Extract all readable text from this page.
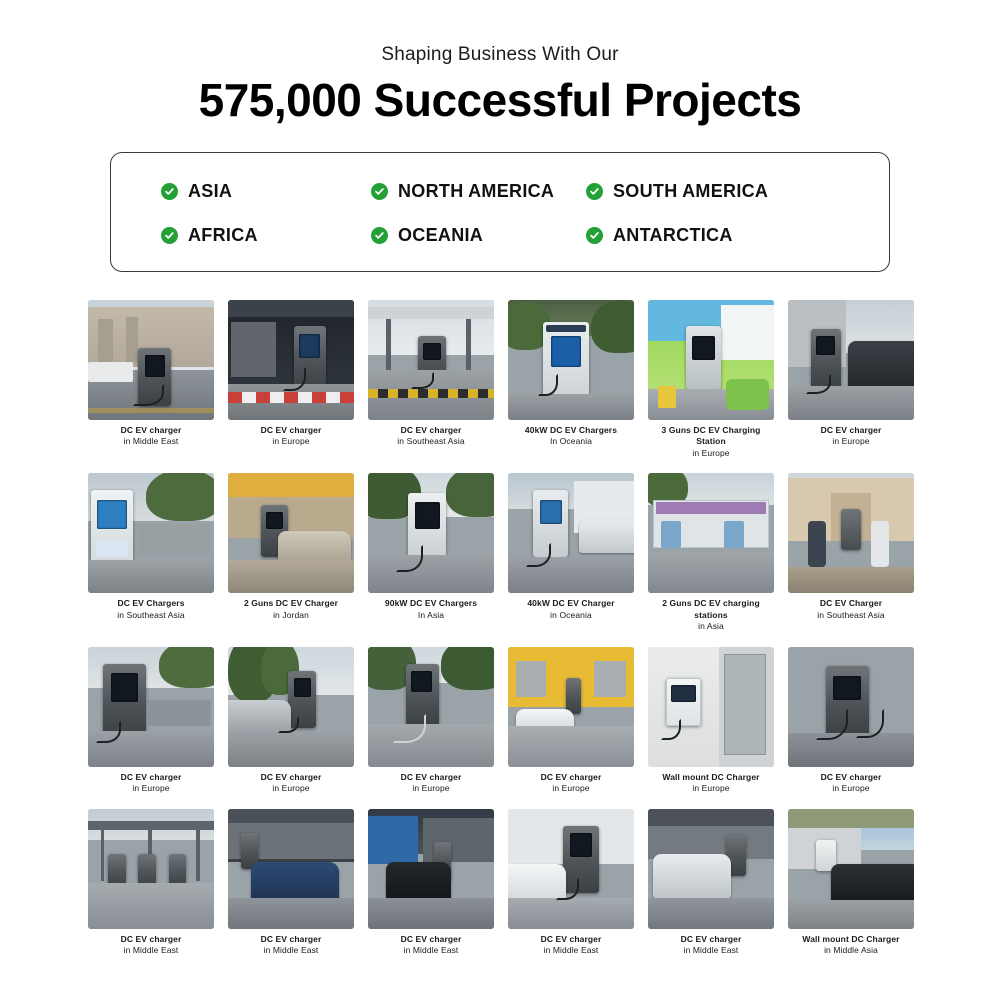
Shaping Business With Our
575,000 Successful Projects
ASIA	NORTH AMERICA	SOUTH AMERICA
AFRICA	OCEANIA	ANTARCTICA
DC EV charger
in Middle East
DC EV charger
in Europe
DC EV charger
in Southeast Asia
40kW DC EV Chargers
In Oceania
3 Guns DC EV Charging Station
in Europe
DC EV charger
in Europe
DC EV Chargers
in Southeast Asia
2 Guns DC EV Charger
in Jordan
90kW DC EV Chargers
In Asia
40kW DC EV Charger
in Oceania
2 Guns DC EV charging stations
in Asia
DC EV Charger
in Southeast Asia
DC EV charger
in Europe
DC EV charger
in Europe
DC EV charger
in Europe
DC EV charger
in Europe
Wall mount DC Charger
in Europe
DC EV charger
in Europe
DC EV charger
in Middle East
DC EV charger
in Middle East
DC EV charger
in Middle East
DC EV charger
in Middle East
DC EV charger
in Middle East
Wall mount DC Charger
in Middle Asia
